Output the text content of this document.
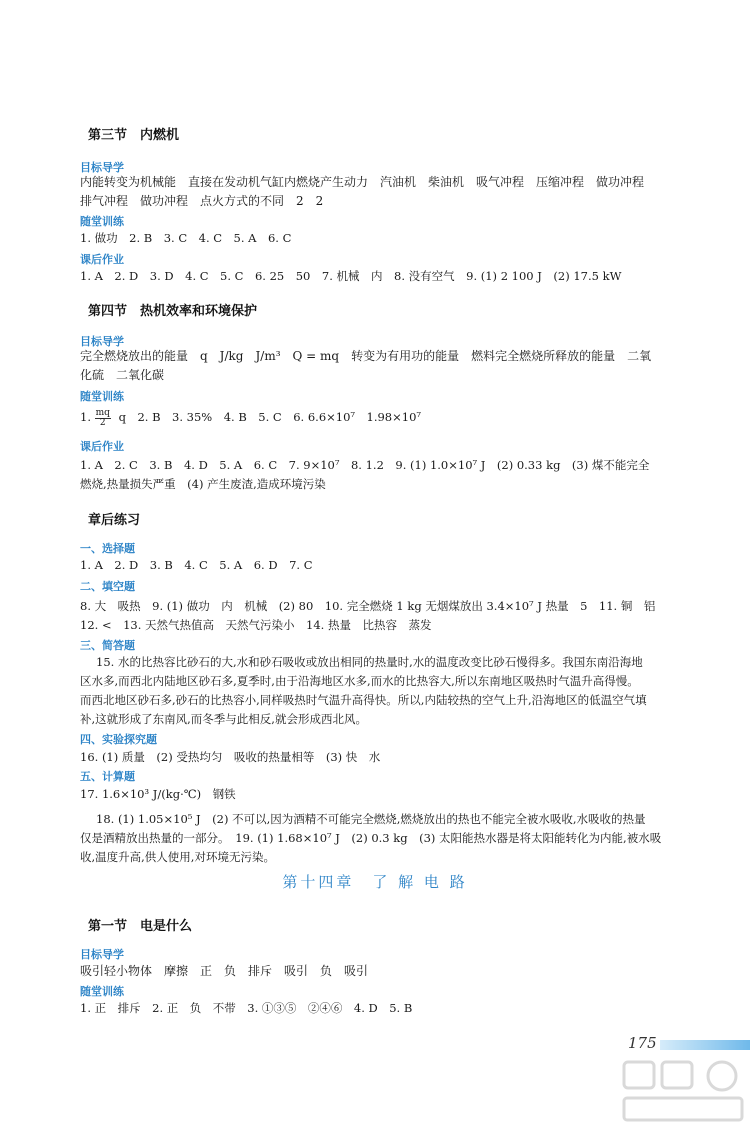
第三节　内燃机
目标导学
内能转变为机械能　直接在发动机气缸内燃烧产生动力　汽油机　柴油机　吸气冲程　压缩冲程　做功冲程
排气冲程　做功冲程　点火方式的不同　2　2
随堂训练
1. 做功　2. B　3. C　4. C　5. A　6. C
课后作业
1. A　2. D　3. D　4. C　5. C　6. 25　50　7. 机械　内　8. 没有空气　9. (1) 2 100 J　(2) 17.5 kW
第四节　热机效率和环境保护
目标导学
完全燃烧放出的能量　q　J/kg　J/m³　Q = mq　转变为有用功的能量　燃料完全燃烧所释放的能量　二氧
化硫　二氧化碳
随堂训练
1. $\frac{mq}{2}$ q　2. B　3. 35%　4. B　5. C　6. 6.6×10⁷　1.98×10⁷
课后作业
1. A　2. C　3. B　4. D　5. A　6. C　7. 9×10⁷　8. 1.2　9. (1) 1.0×10⁷ J　(2) 0.33 kg　(3) 煤不能完全
燃烧,热量损失严重　(4) 产生废渣,造成环境污染
章后练习
一、选择题
1. A　2. D　3. B　4. C　5. A　6. D　7. C
二、填空题
8. 大　吸热　9. (1) 做功　内　机械　(2) 80　10. 完全燃烧 1 kg 无烟煤放出 3.4×10⁷ J 热量　5　11. 铜　铝
12. <　13. 天然气热值高　天然气污染小　14. 热量　比热容　蒸发
三、简答题
15. 水的比热容比砂石的大,水和砂石吸收或放出相同的热量时,水的温度改变比砂石慢得多。我国东南沿海地
区水多,而西北内陆地区砂石多,夏季时,由于沿海地区水多,而水的比热容大,所以东南地区吸热时气温升高得慢。
而西北地区砂石多,砂石的比热容小,同样吸热时气温升高得快。所以,内陆较热的空气上升,沿海地区的低温空气填
补,这就形成了东南风,而冬季与此相反,就会形成西北风。
四、实验探究题
16. (1) 质量　(2) 受热均匀　吸收的热量相等　(3) 快　水
五、计算题
17. 1.6×10³ J/(kg·℃)　钢铁
18. (1) 1.05×10⁵ J　(2) 不可以,因为酒精不可能完全燃烧,燃烧放出的热也不能完全被水吸收,水吸收的热量
仅是酒精放出热量的一部分。　19. (1) 1.68×10⁷ J　(2) 0.3 kg　(3) 太阳能热水器是将太阳能转化为内能,被水吸
收,温度升高,供人使用,对环境无污染。
第十四章　了 解 电 路
第一节　电是什么
目标导学
吸引轻小物体　摩擦　正　负　排斥　吸引　负　吸引
随堂训练
1. 正　排斥　2. 正　负　不带　3. ①③⑤　②④⑥　4. D　5. B
175
